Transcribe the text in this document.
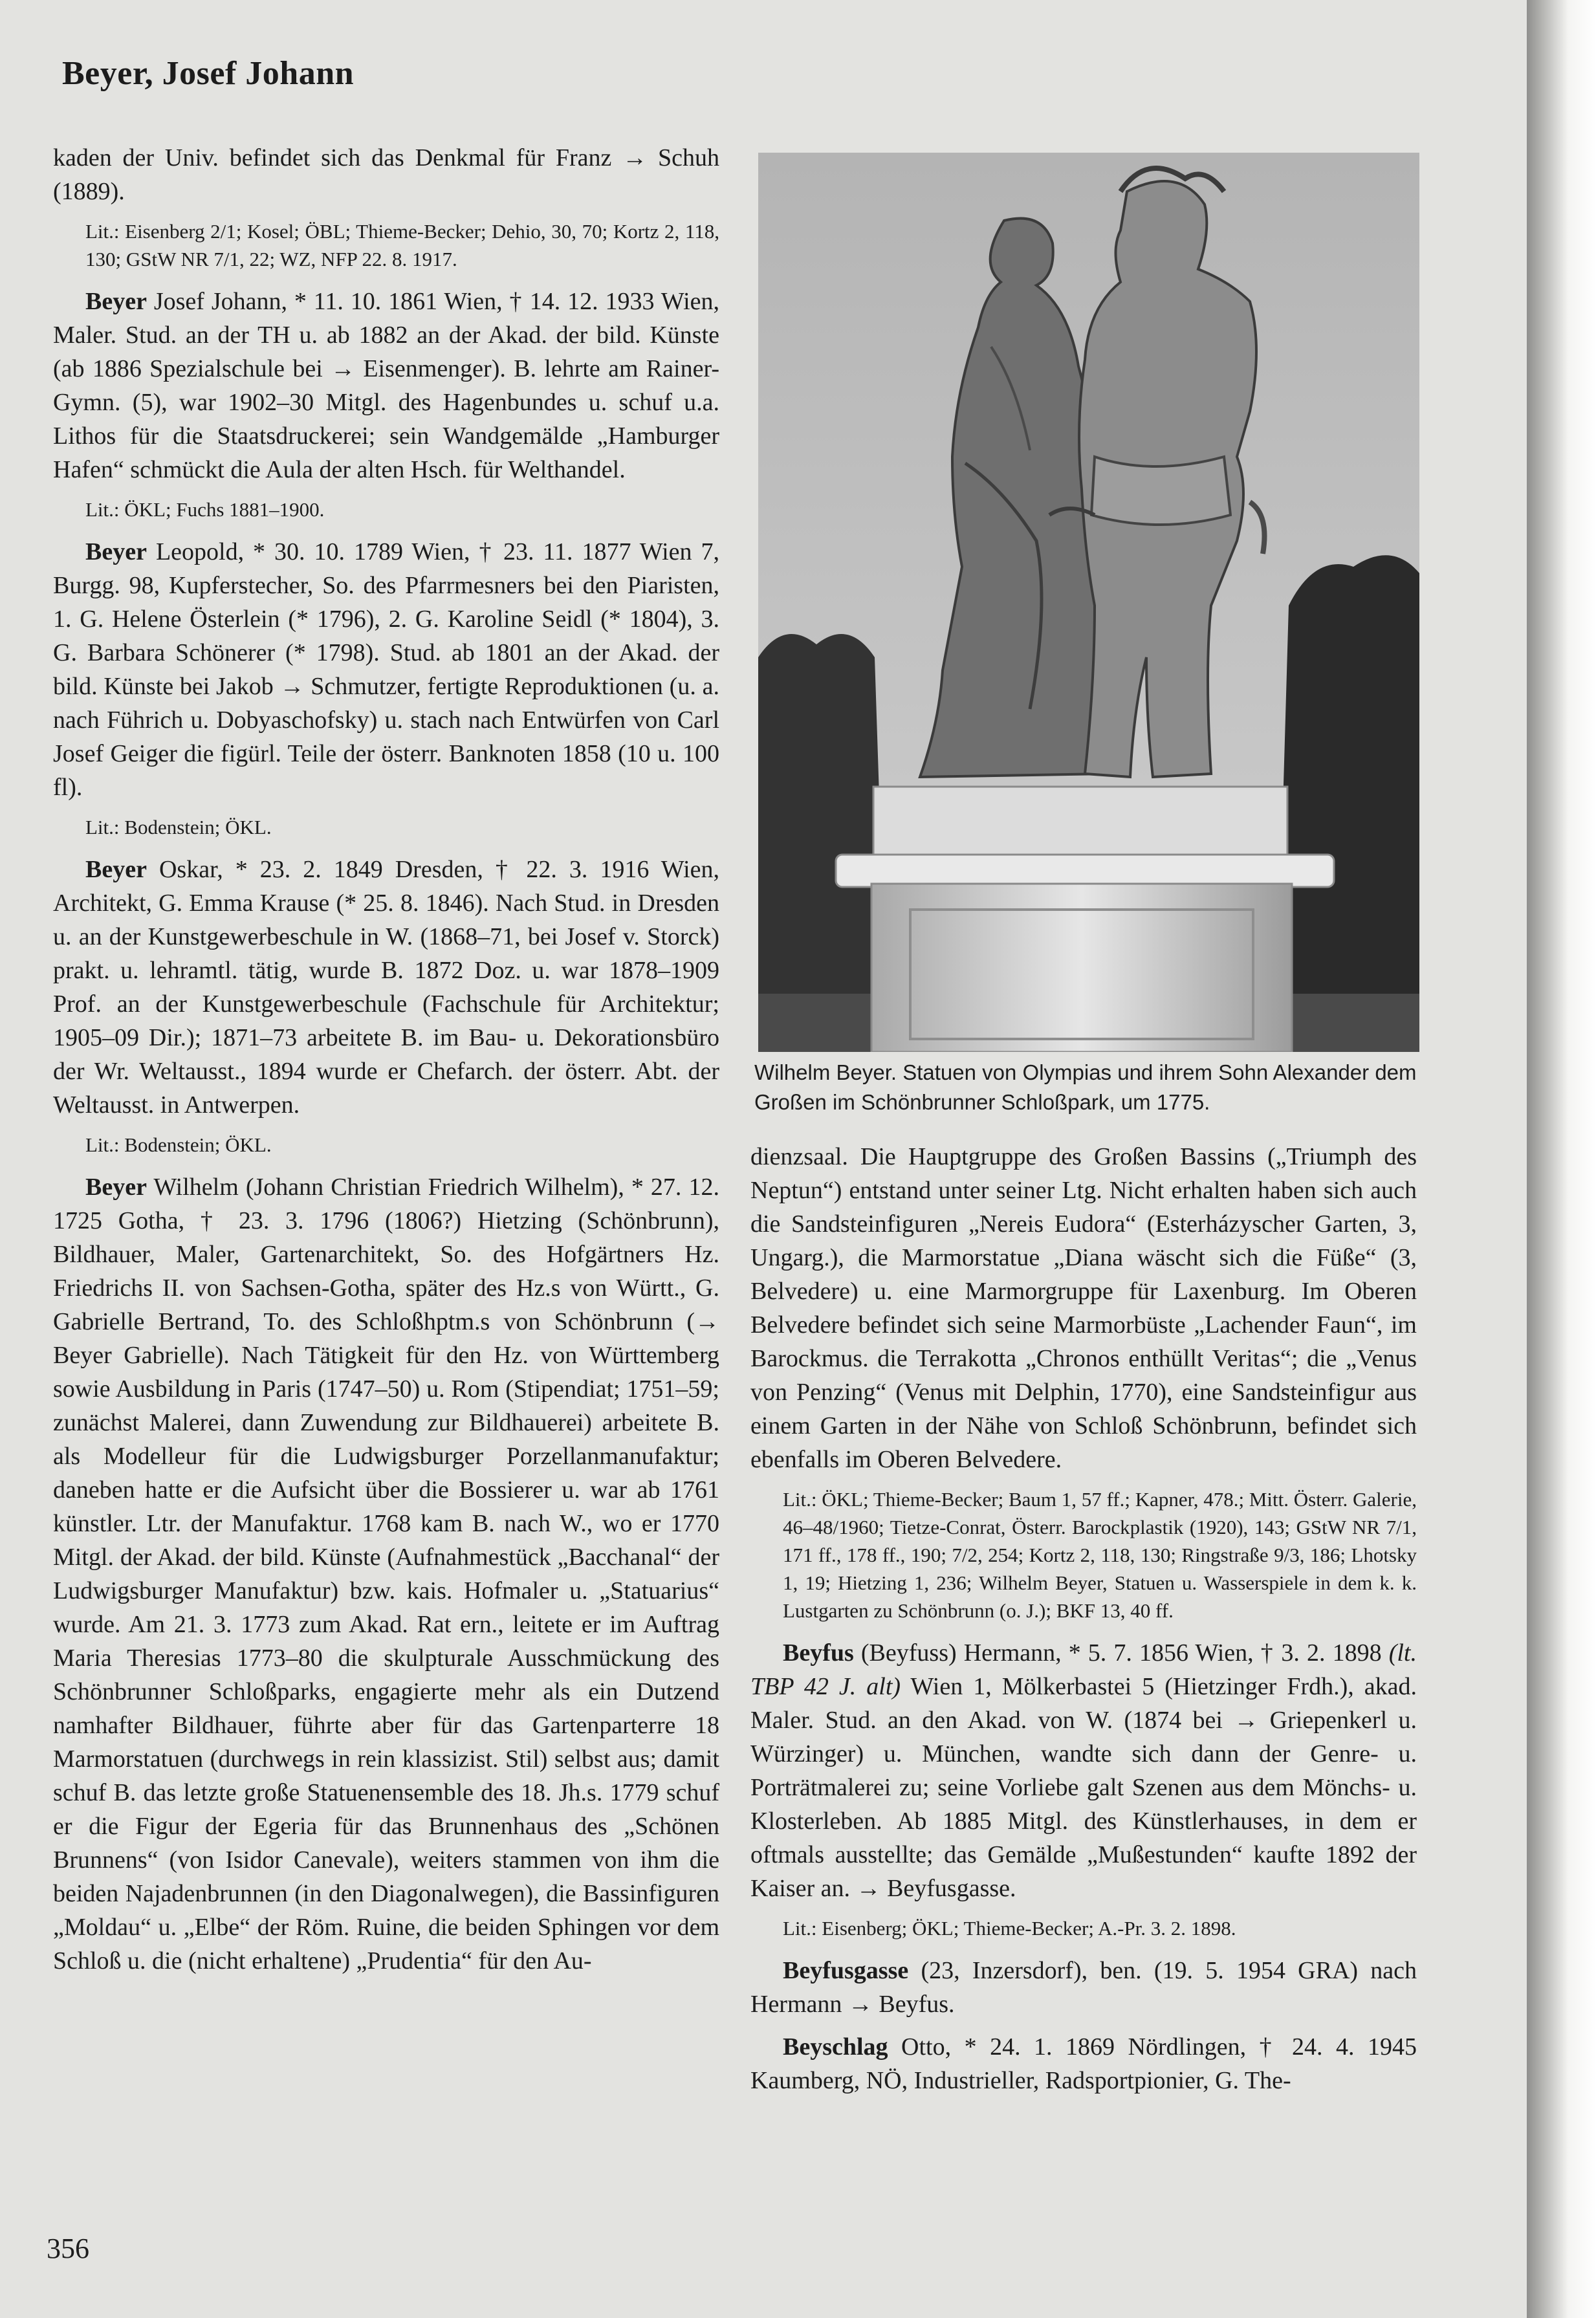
Beyer, Josef Johann

kaden der Univ. befindet sich das Denkmal für Franz → Schuh (1889).

Lit.: Eisenberg 2/1; Kosel; ÖBL; Thieme-Becker; Dehio, 30, 70; Kortz 2, 118, 130; GStW NR 7/1, 22; WZ, NFP 22. 8. 1917.

Beyer Josef Johann, * 11. 10. 1861 Wien, † 14. 12. 1933 Wien, Maler. Stud. an der TH u. ab 1882 an der Akad. der bild. Künste (ab 1886 Spezialschule bei → Eisenmenger). B. lehrte am Rainer-Gymn. (5), war 1902–30 Mitgl. des Hagenbundes u. schuf u.a. Lithos für die Staatsdruckerei; sein Wandgemälde „Hamburger Hafen“ schmückt die Aula der alten Hsch. für Welthandel.

Lit.: ÖKL; Fuchs 1881–1900.

Beyer Leopold, * 30. 10. 1789 Wien, † 23. 11. 1877 Wien 7, Burgg. 98, Kupferstecher, So. des Pfarrmesners bei den Piaristen, 1. G. Helene Österlein (* 1796), 2. G. Karoline Seidl (* 1804), 3. G. Barbara Schönerer (* 1798). Stud. ab 1801 an der Akad. der bild. Künste bei Jakob → Schmutzer, fertigte Reproduktionen (u. a. nach Führich u. Dobyaschofsky) u. stach nach Entwürfen von Carl Josef Geiger die figürl. Teile der österr. Banknoten 1858 (10 u. 100 fl).

Lit.: Bodenstein; ÖKL.

Beyer Oskar, * 23. 2. 1849 Dresden, † 22. 3. 1916 Wien, Architekt, G. Emma Krause (* 25. 8. 1846). Nach Stud. in Dresden u. an der Kunstgewerbeschule in W. (1868–71, bei Josef v. Storck) prakt. u. lehramtl. tätig, wurde B. 1872 Doz. u. war 1878–1909 Prof. an der Kunstgewerbeschule (Fachschule für Architektur; 1905–09 Dir.); 1871–73 arbeitete B. im Bau- u. Dekorationsbüro der Wr. Weltausst., 1894 wurde er Chefarch. der österr. Abt. der Weltausst. in Antwerpen.

Lit.: Bodenstein; ÖKL.

Beyer Wilhelm (Johann Christian Friedrich Wilhelm), * 27. 12. 1725 Gotha, † 23. 3. 1796 (1806?) Hietzing (Schönbrunn), Bildhauer, Maler, Gartenarchitekt, So. des Hofgärtners Hz. Friedrichs II. von Sachsen-Gotha, später des Hz.s von Württ., G. Gabrielle Bertrand, To. des Schloßhptm.s von Schönbrunn (→ Beyer Gabrielle). Nach Tätigkeit für den Hz. von Württemberg sowie Ausbildung in Paris (1747–50) u. Rom (Stipendiat; 1751–59; zunächst Malerei, dann Zuwendung zur Bildhauerei) arbeitete B. als Modelleur für die Ludwigsburger Porzellanmanufaktur; daneben hatte er die Aufsicht über die Bossierer u. war ab 1761 künstler. Ltr. der Manufaktur. 1768 kam B. nach W., wo er 1770 Mitgl. der Akad. der bild. Künste (Aufnahmestück „Bacchanal“ der Ludwigsburger Manufaktur) bzw. kais. Hofmaler u. „Statuarius“ wurde. Am 21. 3. 1773 zum Akad. Rat ern., leitete er im Auftrag Maria Theresias 1773–80 die skulpturale Ausschmückung des Schönbrunner Schloßparks, engagierte mehr als ein Dutzend namhafter Bildhauer, führte aber für das Gartenparterre 18 Marmorstatuen (durchwegs in rein klassizist. Stil) selbst aus; damit schuf B. das letzte große Statuenensemble des 18. Jh.s. 1779 schuf er die Figur der Egeria für das Brunnenhaus des „Schönen Brunnens“ (von Isidor Canevale), weiters stammen von ihm die beiden Najadenbrunnen (in den Diagonalwegen), die Bassinfiguren „Moldau“ u. „Elbe“ der Röm. Ruine, die beiden Sphingen vor dem Schloß u. die (nicht erhaltene) „Prudentia“ für den Au-

Wilhelm Beyer. Statuen von Olympias und ihrem Sohn Alexander dem Großen im Schönbrunner Schloßpark, um 1775.

dienzsaal. Die Hauptgruppe des Großen Bassins („Triumph des Neptun“) entstand unter seiner Ltg. Nicht erhalten haben sich auch die Sandsteinfiguren „Nereis Eudora“ (Esterházyscher Garten, 3, Ungarg.), die Marmorstatue „Diana wäscht sich die Füße“ (3, Belvedere) u. eine Marmorgruppe für Laxenburg. Im Oberen Belvedere befindet sich seine Marmorbüste „Lachender Faun“, im Barockmus. die Terrakotta „Chronos enthüllt Veritas“; die „Venus von Penzing“ (Venus mit Delphin, 1770), eine Sandsteinfigur aus einem Garten in der Nähe von Schloß Schönbrunn, befindet sich ebenfalls im Oberen Belvedere.

Lit.: ÖKL; Thieme-Becker; Baum 1, 57 ff.; Kapner, 478.; Mitt. Österr. Galerie, 46–48/1960; Tietze-Conrat, Österr. Barockplastik (1920), 143; GStW NR 7/1, 171 ff., 178 ff., 190; 7/2, 254; Kortz 2, 118, 130; Ringstraße 9/3, 186; Lhotsky 1, 19; Hietzing 1, 236; Wilhelm Beyer, Statuen u. Wasserspiele in dem k. k. Lustgarten zu Schönbrunn (o. J.); BKF 13, 40 ff.

Beyfus (Beyfuss) Hermann, * 5. 7. 1856 Wien, † 3. 2. 1898 (lt. TBP 42 J. alt) Wien 1, Mölkerbastei 5 (Hietzinger Frdh.), akad. Maler. Stud. an den Akad. von W. (1874 bei → Griepenkerl u. Würzinger) u. München, wandte sich dann der Genre- u. Porträtmalerei zu; seine Vorliebe galt Szenen aus dem Mönchs- u. Klosterleben. Ab 1885 Mitgl. des Künstlerhauses, in dem er oftmals ausstellte; das Gemälde „Mußestunden“ kaufte 1892 der Kaiser an. → Beyfusgasse.

Lit.: Eisenberg; ÖKL; Thieme-Becker; A.-Pr. 3. 2. 1898.

Beyfusgasse (23, Inzersdorf), ben. (19. 5. 1954 GRA) nach Hermann → Beyfus.

Beyschlag Otto, * 24. 1. 1869 Nördlingen, † 24. 4. 1945 Kaumberg, NÖ, Industrieller, Radsportpionier, G. The-

356
